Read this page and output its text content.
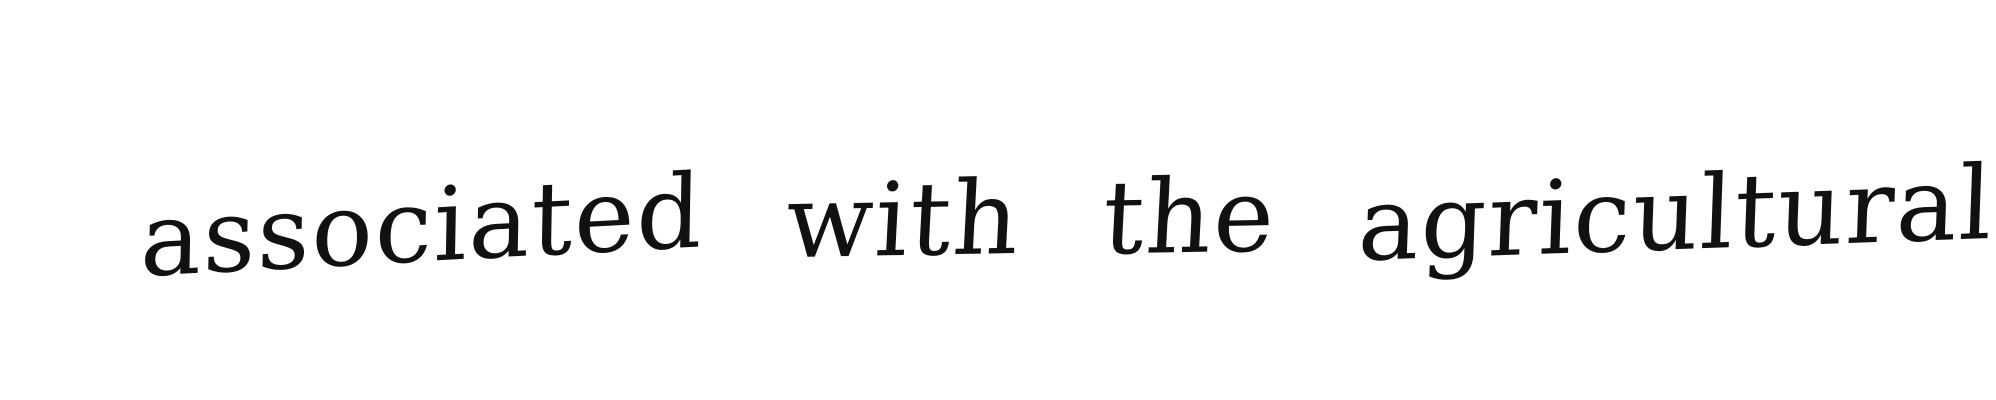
associated with the agricultural
